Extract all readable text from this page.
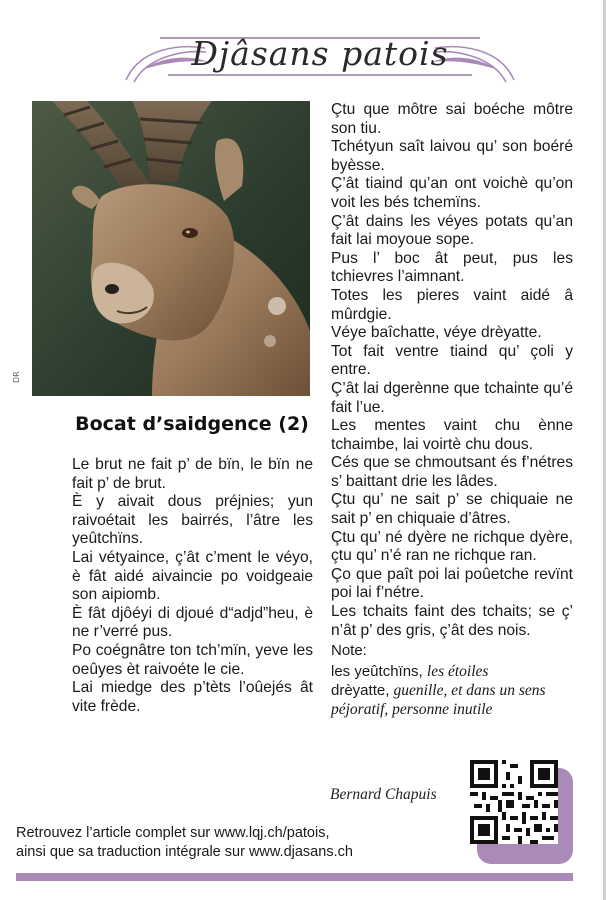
Djâsans patois
DR
Bocat d’saidgence (2)

Le brut ne fait p’ de bïn, le bïn ne fait p’ de brut.

È y aivait dous préjnies; yun raivoétait les bairrés, l’âtre les yeûtchïns.

Lai vétyaince, ç’ât c’ment le véyo, è fât aidé aivaincie po voidgeaie son aipiomb.

È fât djôéyi di djoué d“adjd”heu, è ne r’verré pus.

Po coégnâtre ton tch’mïn, yeve les oeûyes èt raivoéte le cie.

Lai miedge des p’tèts l’oûejés ât vite frède.

Çtu que môtre sai boéche môtre son tiu.

Tchétyun saît laivou qu’ son boéré byèsse.

Ç’ât tiaind qu’an ont voichè qu’on voit les bés tchemïns.

Ç’ât dains les véyes potats qu’an fait lai moyoue sope.

Pus l’ boc ât peut, pus les tchievres l’aimnant.

Totes les pieres vaint aidé â mûrdgie.

Véye baîchatte, véye drèyatte.

Tot fait ventre tiaind qu’ çoli y entre.

Ç’ât lai dgerènne que tchainte qu’é fait l’ue.

Les mentes vaint chu ènne tchaimbe, lai voirtè chu dous.

Cés que se chmoutsant és f’nétres s’ baittant drie les lâdes.

Çtu qu’ ne sait p’ se chiquaie ne sait p’ en chiquaie d’âtres.

Çtu qu’ né dyère ne richque dyère, çtu qu’ n’é ran ne richque ran.

Ço que paît poi lai poûetche revïnt poi lai f’nétre.

Les tchaits faint des tchaits; se ç’ n’ât p’ des gris, ç’ât des nois.

Note:

les yeûtchïns, les étoiles

drèyatte, guenille, et dans un sens péjoratif, personne inutile

Bernard Chapuis

Retrouvez l’article complet sur www.lqj.ch/patois,

ainsi que sa traduction intégrale sur www.djasans.ch
